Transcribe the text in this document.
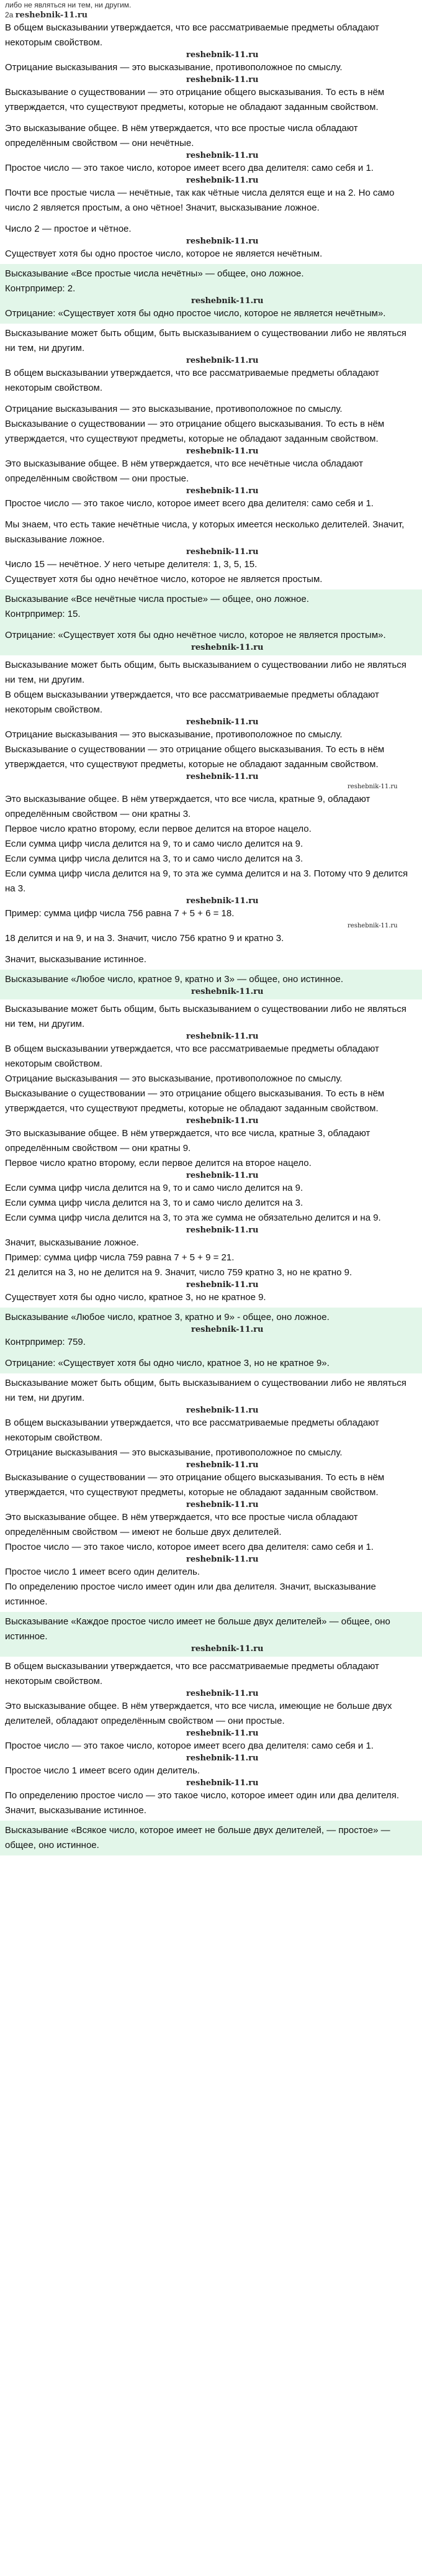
либо не являться ни тем, ни другим.
2a reshebnik-11.ru

В общем высказывании утверждается, что все рассматриваемые предметы обладают некоторым свойством.

reshebnik-11.ru

Отрицание высказывания — это высказывание, противоположное по смыслу.

reshebnik-11.ru

Высказывание о существовании — это отрицание общего высказывания. То есть в нём утверждается, что существуют предметы, которые не обладают заданным свойством.

Это высказывание общее. В нём утверждается, что все простые числа обладают определённым свойством — они нечётные.

reshebnik-11.ru

Простое число — это такое число, которое имеет всего два делителя: само себя и 1.

reshebnik-11.ru

Почти все простые числа — нечётные, так как чётные числа делятся еще и на 2. Но само число 2 является простым, а оно чётное! Значит, высказывание ложное.

Число 2 — простое и чётное.

reshebnik-11.ru

Существует хотя бы одно простое число, которое не является нечётным.

Высказывание «Все простые числа нечётны» — общее, оно ложное.

Контрпример: 2.

reshebnik-11.ru

Отрицание: «Существует хотя бы одно простое число, которое не является нечётным».

Высказывание может быть общим, быть высказыванием о существовании либо не являться ни тем, ни другим.

reshebnik-11.ru

В общем высказывании утверждается, что все рассматриваемые предметы обладают некоторым свойством.

Отрицание высказывания — это высказывание, противоположное по смыслу.

Высказывание о существовании — это отрицание общего высказывания. То есть в нём утверждается, что существуют предметы, которые не обладают заданным свойством.

reshebnik-11.ru

Это высказывание общее. В нём утверждается, что все нечётные числа обладают определённым свойством — они простые.

reshebnik-11.ru

Простое число — это такое число, которое имеет всего два делителя: само себя и 1.

Мы знаем, что есть такие нечётные числа, у которых имеется несколько делителей. Значит, высказывание ложное.

reshebnik-11.ru

Число 15 — нечётное. У него четыре делителя: 1, 3, 5, 15.

Существует хотя бы одно нечётное число, которое не является простым.

Высказывание «Все нечётные числа простые» — общее, оно ложное.

Контрпример: 15.

Отрицание: «Существует хотя бы одно нечётное число, которое не является простым».

reshebnik-11.ru

Высказывание может быть общим, быть высказыванием о существовании либо не являться ни тем, ни другим.

В общем высказывании утверждается, что все рассматриваемые предметы обладают некоторым свойством.

reshebnik-11.ru

Отрицание высказывания — это высказывание, противоположное по смыслу.

Высказывание о существовании — это отрицание общего высказывания. То есть в нём утверждается, что существуют предметы, которые не обладают заданным свойством.

reshebnik-11.ru
reshebnik-11.ru

Это высказывание общее. В нём утверждается, что все числа, кратные 9, обладают определённым свойством — они кратны 3.

Первое число кратно второму, если первое делится на второе нацело.

Если сумма цифр числа делится на 9, то и само число делится на 9.

Если сумма цифр числа делится на 3, то и само число делится на 3.

Если сумма цифр числа делится на 9, то эта же сумма делится и на 3. Потому что 9 делится на 3.

reshebnik-11.ru

Пример: сумма цифр числа 756 равна 7 + 5 + 6 = 18.

reshebnik-11.ru

18 делится и на 9, и на 3. Значит, число 756 кратно 9 и кратно 3.

Значит, высказывание истинное.

Высказывание «Любое число, кратное 9, кратно и 3» — общее, оно истинное.

reshebnik-11.ru

Высказывание может быть общим, быть высказыванием о существовании либо не являться ни тем, ни другим.

reshebnik-11.ru

В общем высказывании утверждается, что все рассматриваемые предметы обладают некоторым свойством.

Отрицание высказывания — это высказывание, противоположное по смыслу.

Высказывание о существовании — это отрицание общего высказывания. То есть в нём утверждается, что существуют предметы, которые не обладают заданным свойством.

reshebnik-11.ru

Это высказывание общее. В нём утверждается, что все числа, кратные 3, обладают определённым свойством — они кратны 9.

Первое число кратно второму, если первое делится на второе нацело.

reshebnik-11.ru

Если сумма цифр числа делится на 9, то и само число делится на 9.

Если сумма цифр числа делится на 3, то и само число делится на 3.

Если сумма цифр числа делится на 3, то эта же сумма не обязательно делится и на 9.

reshebnik-11.ru

Значит, высказывание ложное.

Пример: сумма цифр числа 759 равна 7 + 5 + 9 = 21.

21 делится на 3, но не делится на 9. Значит, число 759 кратно 3, но не кратно 9.

reshebnik-11.ru

Существует хотя бы одно число, кратное 3, но не кратное 9.

Высказывание «Любое число, кратное 3, кратно и 9» - общее, оно ложное.

reshebnik-11.ru

Контрпример: 759.

Отрицание: «Существует хотя бы одно число, кратное 3, но не кратное 9».

Высказывание может быть общим, быть высказыванием о существовании либо не являться ни тем, ни другим.

reshebnik-11.ru

В общем высказывании утверждается, что все рассматриваемые предметы обладают некоторым свойством.

Отрицание высказывания — это высказывание, противоположное по смыслу.

reshebnik-11.ru

Высказывание о существовании — это отрицание общего высказывания. То есть в нём утверждается, что существуют предметы, которые не обладают заданным свойством.

reshebnik-11.ru

Это высказывание общее. В нём утверждается, что все простые числа обладают определённым свойством — имеют не больше двух делителей.

Простое число — это такое число, которое имеет всего два делителя: само себя и 1.

reshebnik-11.ru

Простое число 1 имеет всего один делитель.

По определению простое число имеет один или два делителя. Значит, высказывание истинное.

Высказывание «Каждое простое число имеет не больше двух делителей» — общее, оно истинное.

reshebnik-11.ru

В общем высказывании утверждается, что все рассматриваемые предметы обладают некоторым свойством.

reshebnik-11.ru

Это высказывание общее. В нём утверждается, что все числа, имеющие не больше двух делителей, обладают определённым свойством — они простые.

reshebnik-11.ru

Простое число — это такое число, которое имеет всего два делителя: само себя и 1.

reshebnik-11.ru

Простое число 1 имеет всего один делитель.

reshebnik-11.ru

По определению простое число — это такое число, которое имеет один или два делителя. Значит, высказывание истинное.

Высказывание «Всякое число, которое имеет не больше двух делителей, — простое» — общее, оно истинное.
